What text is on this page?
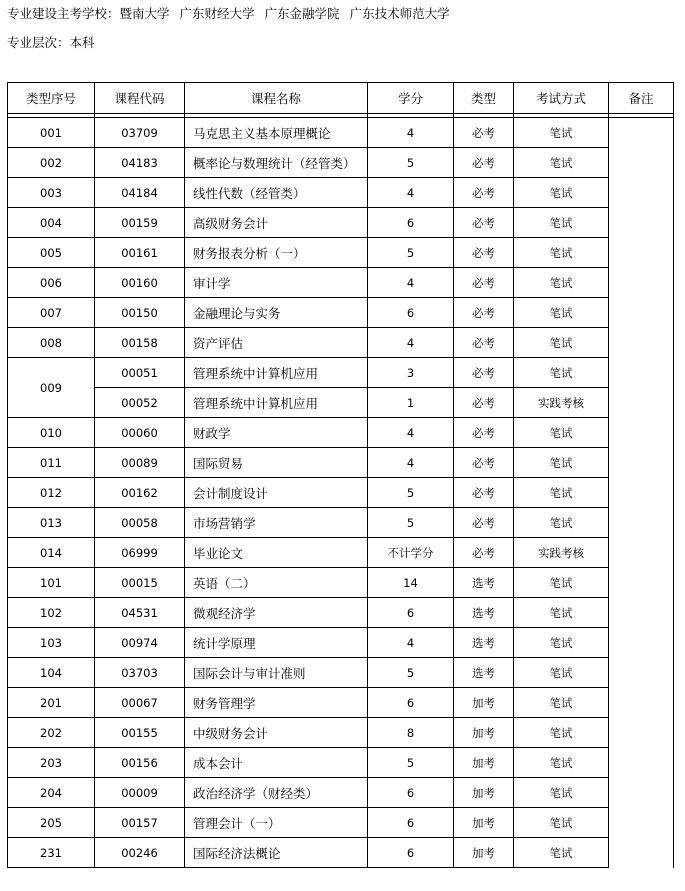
专业建设主考学校：暨南大学 广东财经大学 广东金融学院 广东技术师范大学
专业层次：本科
类型序号	课程代码	课程名称	学分	类型	考试方式	备注

001	03709	马克思主义基本原理概论	4	必考	笔试	
002	04183	概率论与数理统计（经管类）	5	必考	笔试	
003	04184	线性代数（经管类）	4	必考	笔试	
004	00159	高级财务会计	6	必考	笔试	
005	00161	财务报表分析（一）	5	必考	笔试	
006	00160	审计学	4	必考	笔试	
007	00150	金融理论与实务	6	必考	笔试	
008	00158	资产评估	4	必考	笔试	
009	00051	管理系统中计算机应用	3	必考	笔试	
	00052	管理系统中计算机应用	1	必考	实践考核	
010	00060	财政学	4	必考	笔试	
011	00089	国际贸易	4	必考	笔试	
012	00162	会计制度设计	5	必考	笔试	
013	00058	市场营销学	5	必考	笔试	
014	06999	毕业论文	不计学分	必考	实践考核	
101	00015	英语（二）	14	选考	笔试	
102	04531	微观经济学	6	选考	笔试	
103	00974	统计学原理	4	选考	笔试	
104	03703	国际会计与审计准则	5	选考	笔试	
201	00067	财务管理学	6	加考	笔试	
202	00155	中级财务会计	8	加考	笔试	
203	00156	成本会计	5	加考	笔试	
204	00009	政治经济学（财经类）	6	加考	笔试	
205	00157	管理会计（一）	6	加考	笔试	
231	00246	国际经济法概论	6	加考	笔试	
